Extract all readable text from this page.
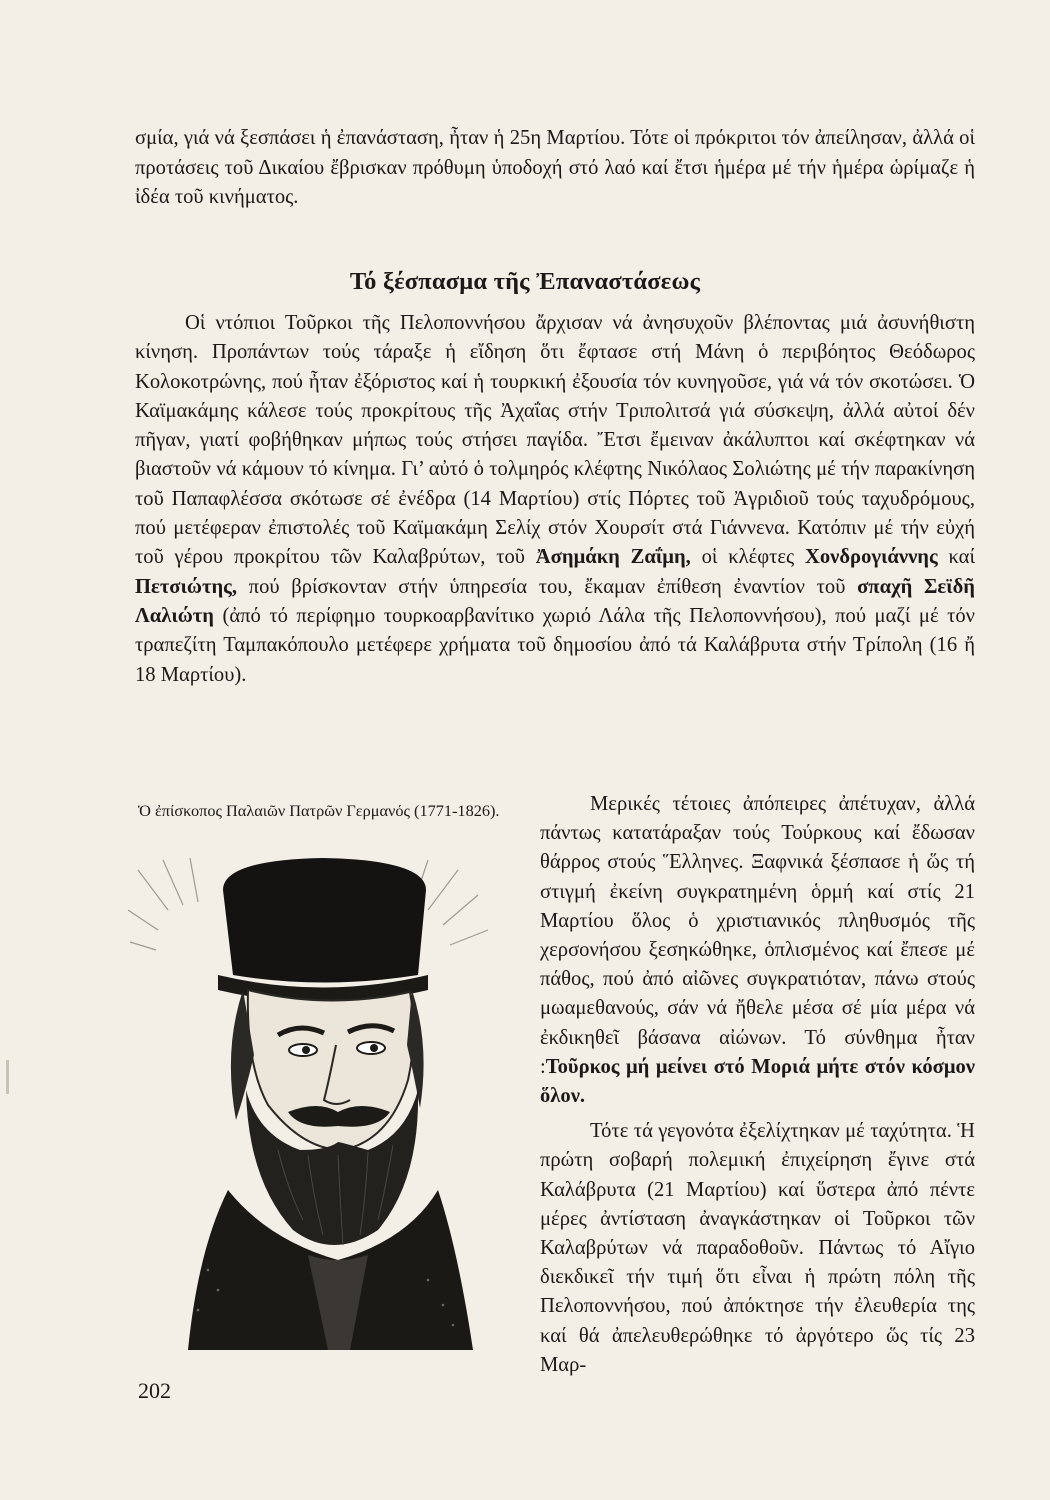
σμία, γιά νά ξεσπάσει ἡ ἐπανάσταση, ἦταν ἡ 25η Μαρτίου. Τότε οἱ πρόκριτοι τόν ἀπείλησαν, ἀλλά οἱ προτάσεις τοῦ Δικαίου ἔβρισκαν πρόθυμη ὑποδοχή στό λαό καί ἔτσι ἡμέρα μέ τήν ἡμέρα ὡρίμαζε ἡ ἰδέα τοῦ κινήματος.

Τό ξέσπασμα τῆς Ἐπαναστάσεως

Οἱ ντόπιοι Τοῦρκοι τῆς Πελοποννήσου ἄρχισαν νά ἀνησυχοῦν βλέποντας μιά ἀσυνήθιστη κίνηση. Προπάντων τούς τάραξε ἡ εἴδηση ὅτι ἔφτασε στή Μάνη ὁ περιβόητος Θεόδωρος Κολοκοτρώνης, πού ἦταν ἐξόριστος καί ἡ τουρκική ἐξουσία τόν κυνηγοῦσε, γιά νά τόν σκοτώσει. Ὁ Καϊμακάμης κάλεσε τούς προκρίτους τῆς Ἀχαΐας στήν Τριπολιτσά γιά σύσκεψη, ἀλλά αὐτοί δέν πῆγαν, γιατί φοβήθηκαν μήπως τούς στήσει παγίδα. Ἔτσι ἔμειναν ἀκάλυπτοι καί σκέφτηκαν νά βιαστοῦν νά κάμουν τό κίνημα. Γι’ αὐτό ὁ τολμηρός κλέφτης Νικόλαος Σολιώτης μέ τήν παρακίνηση τοῦ Παπαφλέσσα σκότωσε σέ ἐνέδρα (14 Μαρτίου) στίς Πόρτες τοῦ Ἀγριδιοῦ τούς ταχυδρόμους, πού μετέφεραν ἐπιστολές τοῦ Καϊμακάμη Σελίχ στόν Χουρσίτ στά Γιάννενα. Κατόπιν μέ τήν εὐχή τοῦ γέρου προκρίτου τῶν Καλαβρύτων, τοῦ Ἀσημάκη Ζαΐμη, οἱ κλέφτες Χονδρογιάννης καί Πετσιώτης, πού βρίσκονταν στήν ὑπηρεσία του, ἔκαμαν ἐπίθεση ἐναντίον τοῦ σπαχῆ Σεϊδῆ Λαλιώτη (ἀπό τό περίφημο τουρκοαρβανίτικο χωριό Λάλα τῆς Πελοποννήσου), πού μαζί μέ τόν τραπεζίτη Ταμπακόπουλο μετέφερε χρήματα τοῦ δημοσίου ἀπό τά Καλάβρυτα στήν Τρίπολη (16 ἤ 18 Μαρτίου).

Ὁ ἐπίσκοπος Παλαιῶν Πατρῶν Γερμανός (1771-1826).	Μερικές τέτοιες ἀπόπειρες ἀπέτυχαν, ἀλλά πάντως κατατάραξαν τούς Τούρκους καί ἔδωσαν θάρρος στούς Ἕλληνες. Ξαφνικά ξέσπασε ἡ ὥς τή στιγμή ἐκείνη συγκρατημένη ὁρμή καί στίς 21 Μαρτίου ὅλος ὁ χριστιανικός πληθυσμός τῆς χερσονήσου ξεσηκώθηκε, ὁπλισμένος καί ἔπεσε μέ πάθος, πού ἀπό αἰῶνες συγκρατιόταν, πάνω στούς μωαμεθανούς, σάν νά ἤθελε μέσα σέ μία μέρα νά ἐκδικηθεῖ βάσανα αἰώνων. Τό σύνθημα ἦταν :Τοῦρκος μή μείνει στό Μοριά μήτε στόν κόσμον ὅλον.

Τότε τά γεγονότα ἐξελίχτηκαν μέ ταχύτητα. Ἡ πρώτη σοβαρή πολεμική ἐπιχείρηση ἔγινε στά Καλάβρυτα (21 Μαρτίου) καί ὕστερα ἀπό πέντε μέρες ἀντίσταση ἀναγκάστηκαν οἱ Τοῦρκοι τῶν Καλαβρύτων νά παραδοθοῦν. Πάντως τό Αἴγιο διεκδικεῖ τήν τιμή ὅτι εἶναι ἡ πρώτη πόλη τῆς Πελοποννήσου, πού ἀπόκτησε τήν ἐλευθερία της καί θά ἀπελευθερώθηκε τό ἀργότερο ὥς τίς 23 Μαρ-

202
